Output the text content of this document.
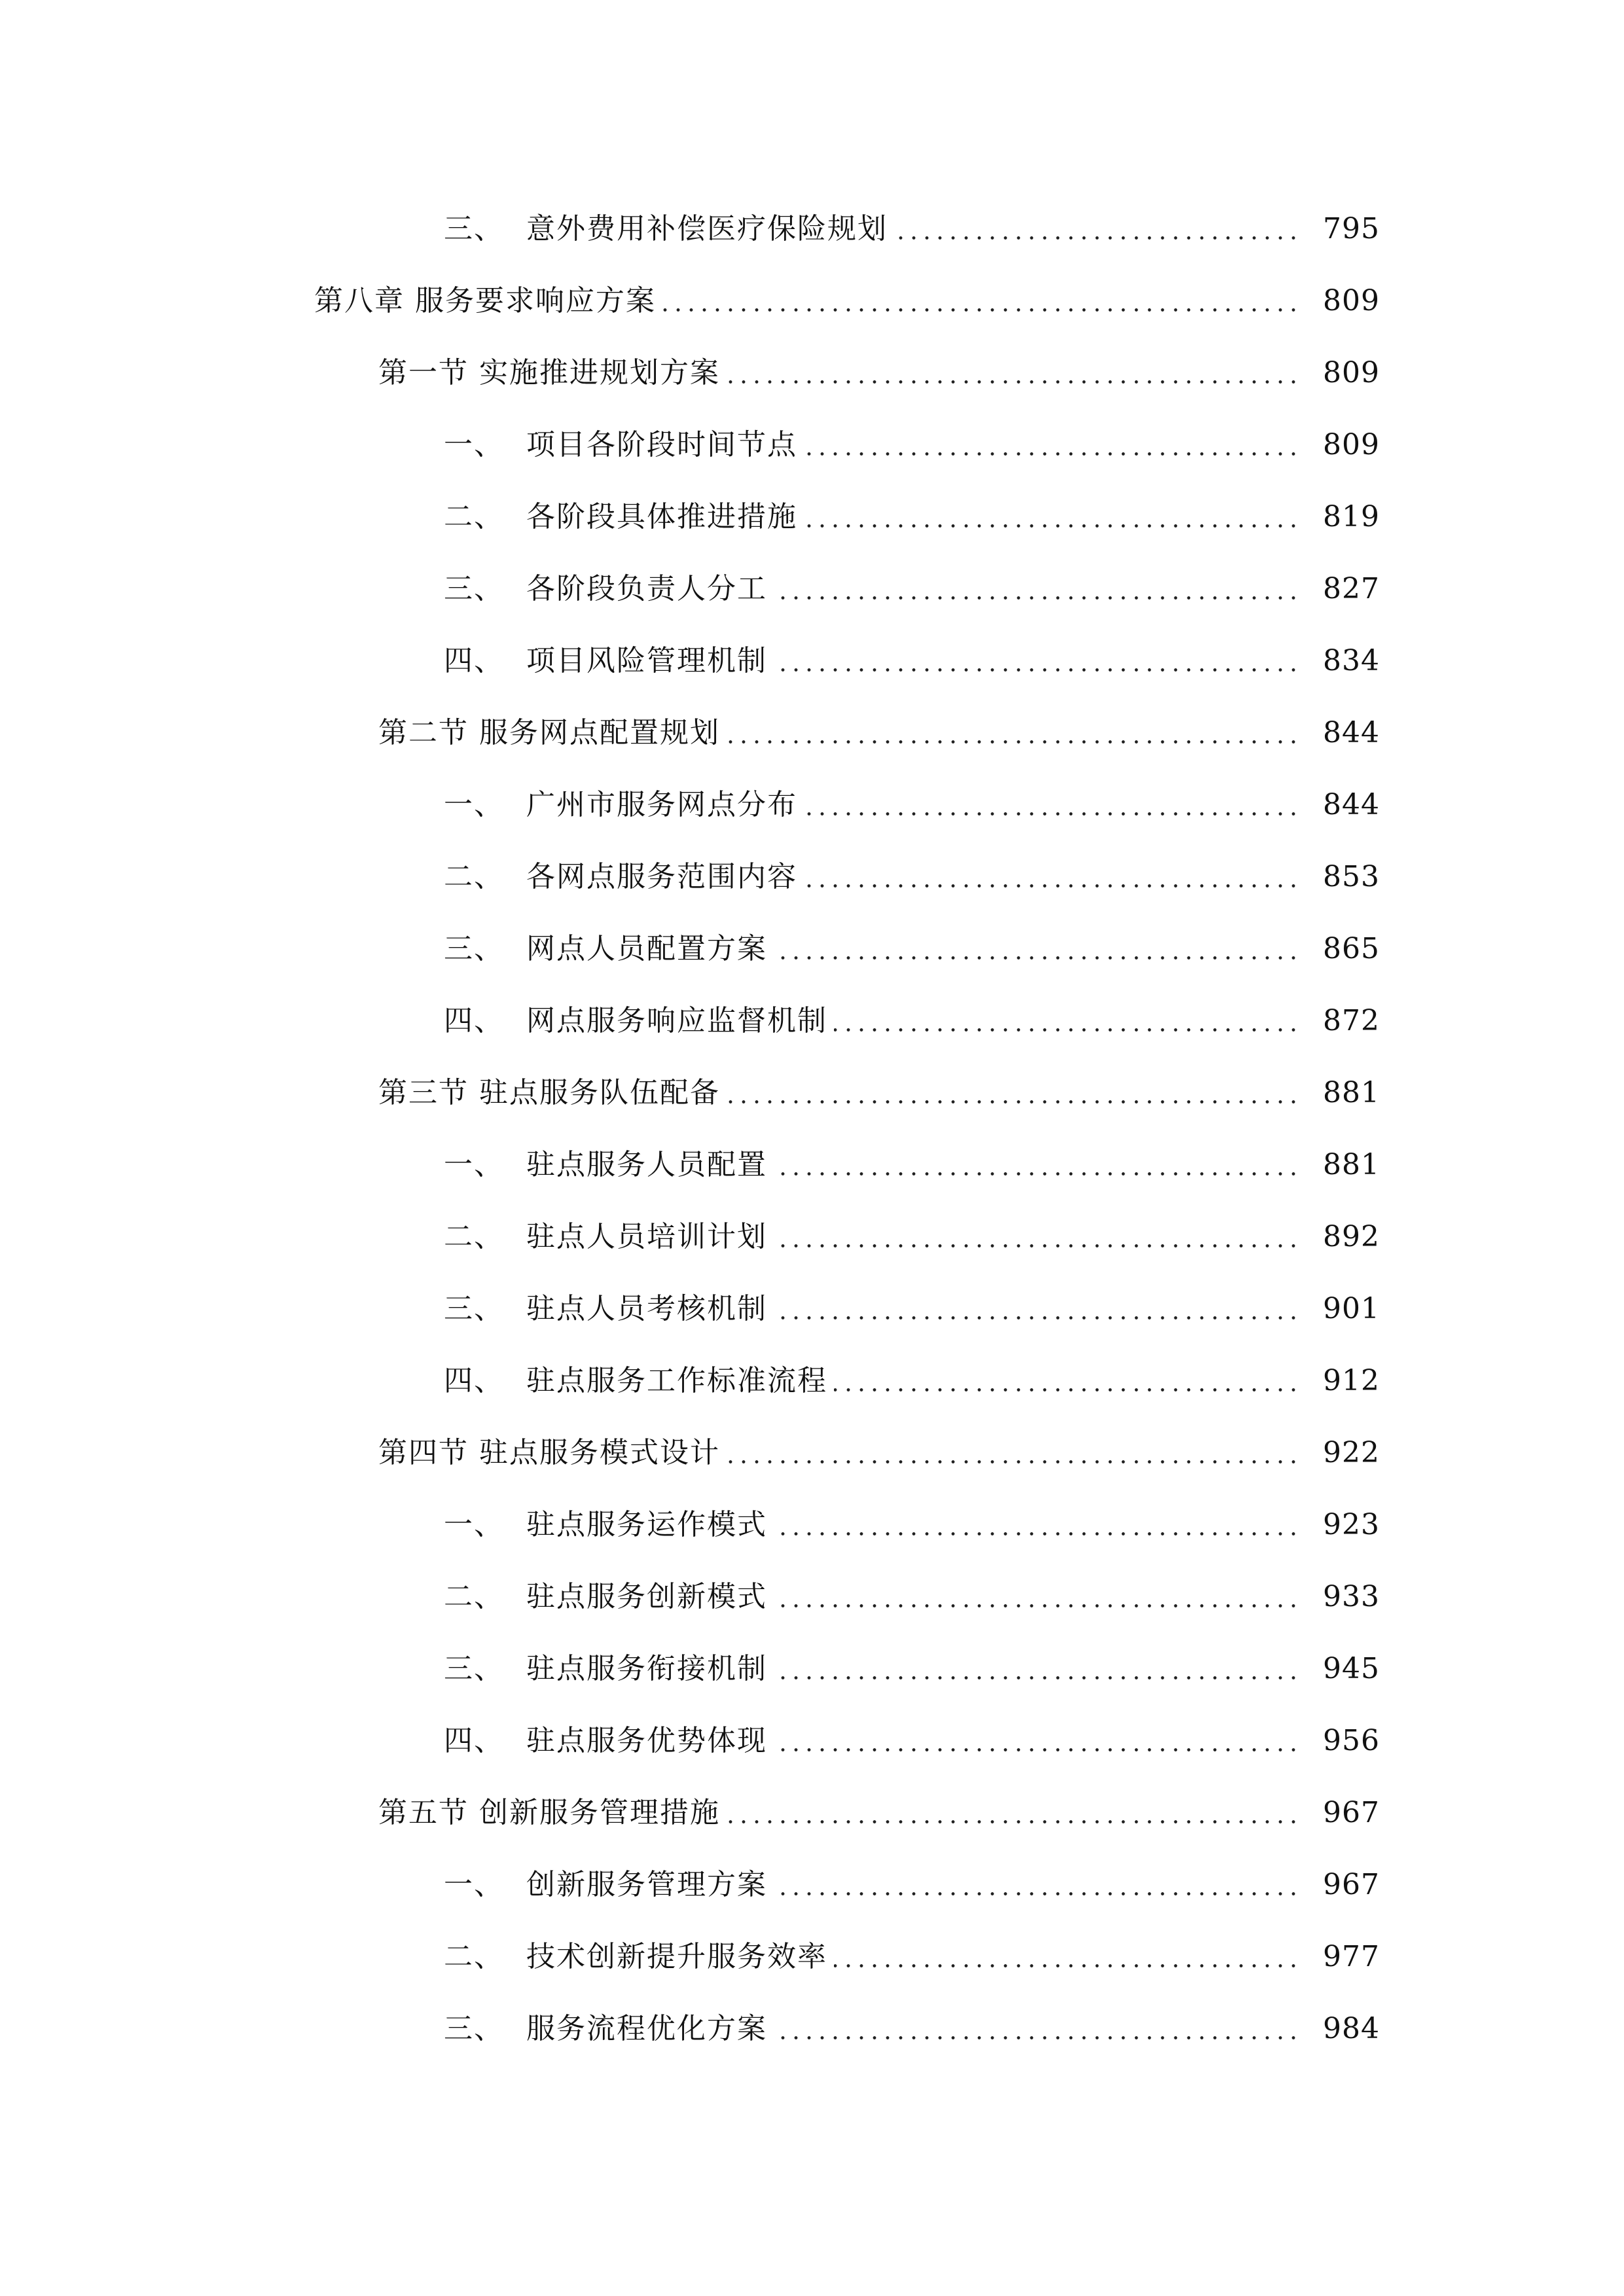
三、 意外费用补偿医疗保险规划	795
第八章 服务要求响应方案	809
第一节 实施推进规划方案	809
一、 项目各阶段时间节点	809
二、 各阶段具体推进措施	819
三、 各阶段负责人分工	827
四、 项目风险管理机制	834
第二节 服务网点配置规划	844
一、 广州市服务网点分布	844
二、 各网点服务范围内容	853
三、 网点人员配置方案	865
四、 网点服务响应监督机制	872
第三节 驻点服务队伍配备	881
一、 驻点服务人员配置	881
二、 驻点人员培训计划	892
三、 驻点人员考核机制	901
四、 驻点服务工作标准流程	912
第四节 驻点服务模式设计	922
一、 驻点服务运作模式	923
二、 驻点服务创新模式	933
三、 驻点服务衔接机制	945
四、 驻点服务优势体现	956
第五节 创新服务管理措施	967
一、 创新服务管理方案	967
二、 技术创新提升服务效率	977
三、 服务流程优化方案	984
